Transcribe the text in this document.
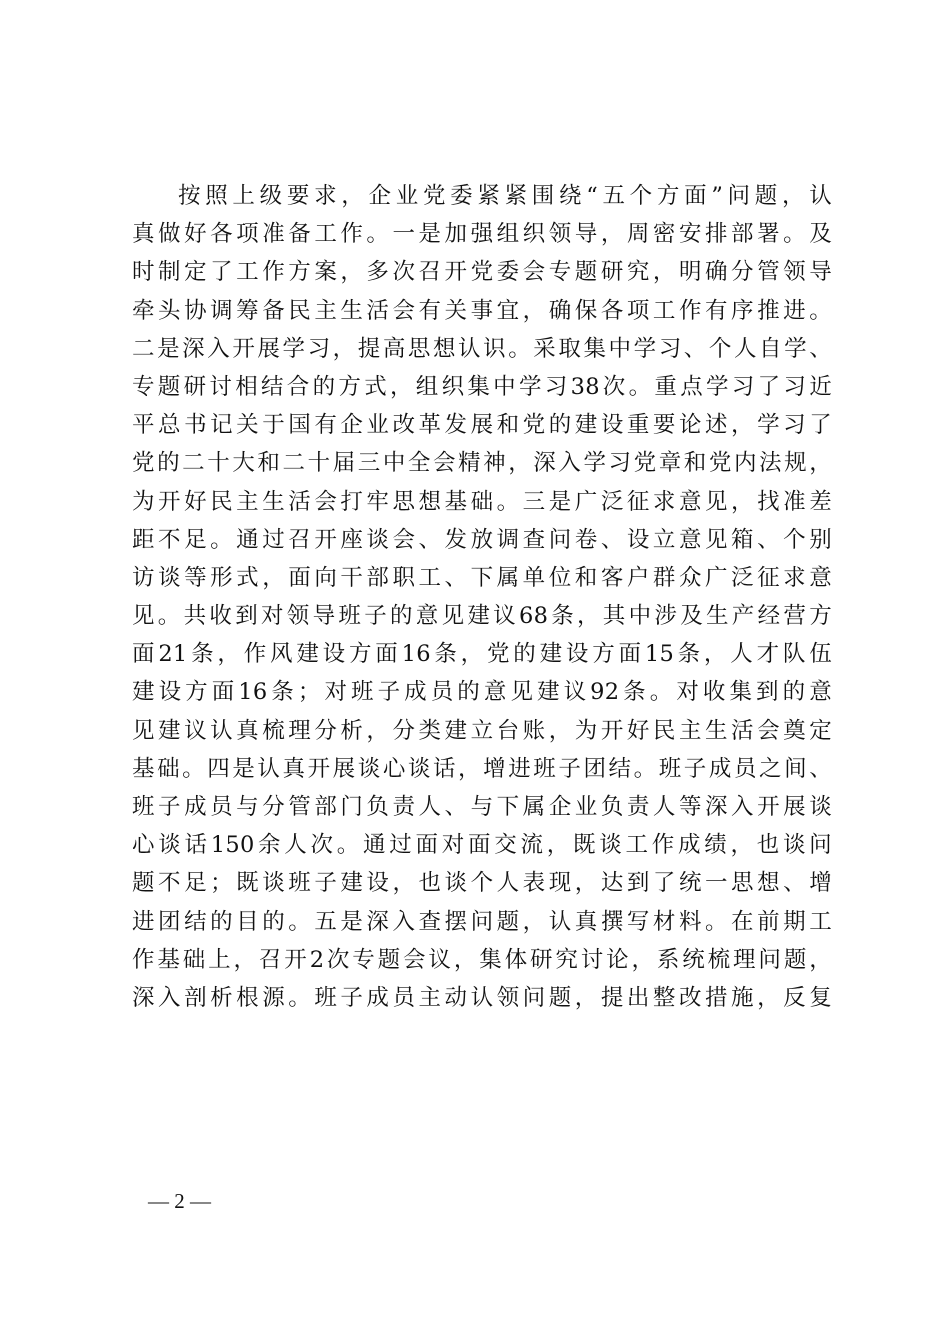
按照上级要求，企业党委紧紧围绕“五个方面”问题，认
真做好各项准备工作。一是加强组织领导，周密安排部署。及
时制定了工作方案，多次召开党委会专题研究，明确分管领导
牵头协调筹备民主生活会有关事宜，确保各项工作有序推进。
二是深入开展学习，提高思想认识。采取集中学习、个人自学、
专题研讨相结合的方式，组织集中学习38次。重点学习了习近
平总书记关于国有企业改革发展和党的建设重要论述，学习了
党的二十大和二十届三中全会精神，深入学习党章和党内法规，
为开好民主生活会打牢思想基础。三是广泛征求意见，找准差
距不足。通过召开座谈会、发放调查问卷、设立意见箱、个别
访谈等形式，面向干部职工、下属单位和客户群众广泛征求意
见。共收到对领导班子的意见建议68条，其中涉及生产经营方
面21条，作风建设方面16条，党的建设方面15条，人才队伍
建设方面16条；对班子成员的意见建议92条。对收集到的意
见建议认真梳理分析，分类建立台账，为开好民主生活会奠定
基础。四是认真开展谈心谈话，增进班子团结。班子成员之间、
班子成员与分管部门负责人、与下属企业负责人等深入开展谈
心谈话150余人次。通过面对面交流，既谈工作成绩，也谈问
题不足；既谈班子建设，也谈个人表现，达到了统一思想、增
进团结的目的。五是深入查摆问题，认真撰写材料。在前期工
作基础上，召开2次专题会议，集体研究讨论，系统梳理问题，
深入剖析根源。班子成员主动认领问题，提出整改措施，反复
— 2 —
